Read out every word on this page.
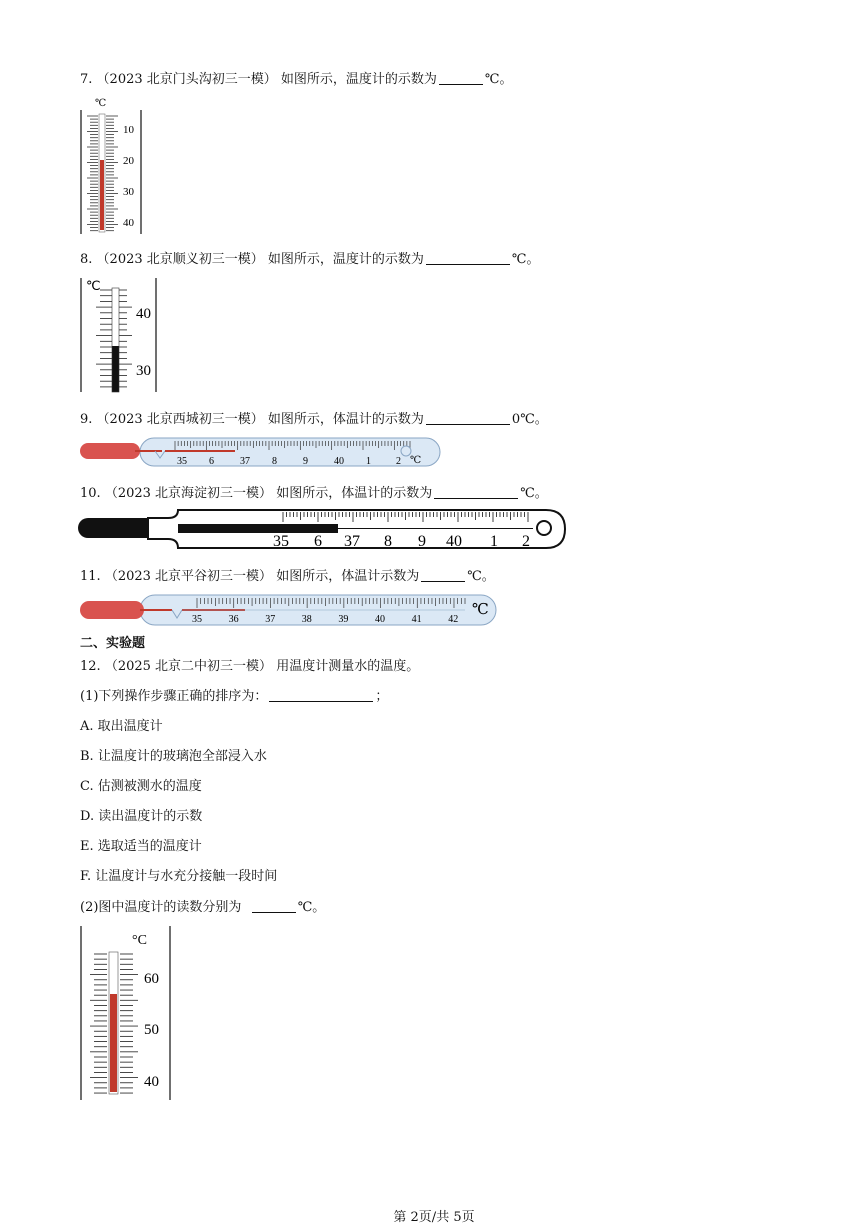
7. （2023 北京门头沟初三一模） 如图所示，温度计的示数为	℃。
℃
10
20
30
40
8. （2023 北京顺义初三一模） 如图所示，温度计的示数为	℃。
℃
40
30
9. （2023 北京西城初三一模） 如图所示，体温计的示数为	0℃。
35 6	37 8	9	40 1	2 ℃
10. （2023 北京海淀初三一模） 如图所示，体温计的示数为	℃。
35 6 37 8 9 40 1 2
11. （2023 北京平谷初三一模） 如图所示，体温计示数为	℃。
35	36	37	38	39	40	41	42
℃
二、实验题
12. （2025 北京二中初三一模） 用温度计测量水的温度。
(1)下列操作步骤正确的排序为：	；
A. 取出温度计
B. 让温度计的玻璃泡全部浸入水
C. 估测被测水的温度
D. 读出温度计的示数
E. 选取适当的温度计
F. 让温度计与水充分接触一段时间
(2)图中温度计的读数分别为	℃。
°C
60
50
40
第 2页/共 5页
